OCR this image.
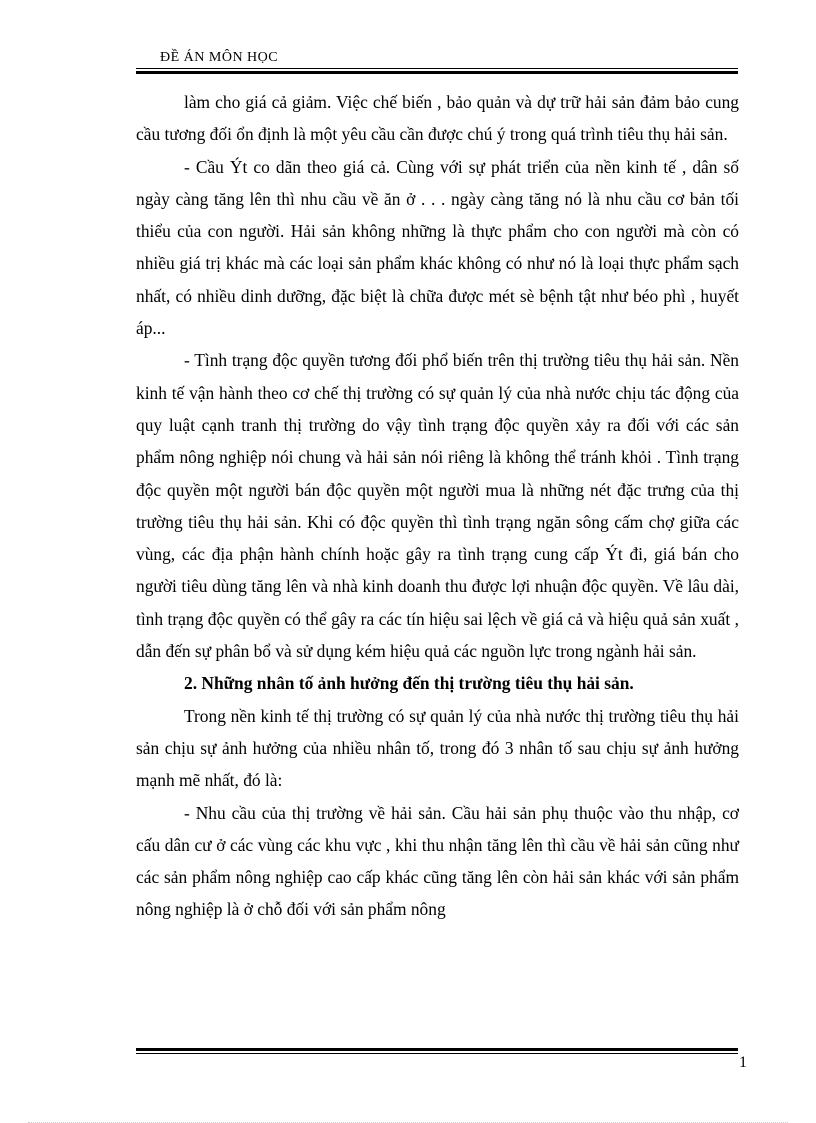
ĐỀ ÁN MÔN HỌC

làm cho giá cả giảm. Việc chế biến , bảo quản và dự trữ hải sản đảm bảo cung cầu tương đối ổn định là một yêu cầu cần được chú ý trong quá trình tiêu thụ hải sản.

- Cầu Ýt co dãn theo giá cả. Cùng với sự phát triển của nền kinh tế , dân số ngày càng tăng lên thì nhu cầu về ăn ở . . . ngày càng tăng nó là nhu cầu cơ bản tối thiểu của con người. Hải sản không những là thực phẩm cho con người mà còn có nhiều giá trị khác mà các loại sản phẩm khác không có như nó là loại thực phẩm sạch nhất, có nhiều dinh dưỡng, đặc biệt là chữa được mét sè bệnh tật như béo phì , huyết áp...

- Tình trạng độc quyền tương đối phổ biến trên thị trường tiêu thụ hải sản. Nền kinh tế vận hành theo cơ chế thị trường có sự quản lý của nhà nước chịu tác động của quy luật cạnh tranh thị trường do vậy tình trạng độc quyền xảy ra đối với các sản phẩm nông nghiệp nói chung và hải sản nói riêng là không thể tránh khỏi . Tình trạng độc quyền một người bán độc quyền một người mua là những nét đặc trưng của thị trường tiêu thụ hải sản. Khi có độc quyền thì tình trạng ngăn sông cấm chợ giữa các vùng, các địa phận hành chính hoặc gây ra tình trạng cung cấp Ýt đi, giá bán cho người tiêu dùng tăng lên và nhà kinh doanh thu được lợi nhuận độc quyền. Về lâu dài, tình trạng độc quyền có thể gây ra các tín hiệu sai lệch về giá cả và hiệu quả sản xuất , dẫn đến sự phân bổ và sử dụng kém hiệu quả các nguồn lực trong ngành hải sản.

2. Những nhân tố ảnh hưởng đến thị trường tiêu thụ hải sản.

Trong nền kinh tế thị trường có sự quản lý của nhà nước thị trường tiêu thụ hải sản chịu sự ảnh hưởng của nhiều nhân tố, trong đó 3 nhân tố sau chịu sự ảnh hưởng mạnh mẽ nhất, đó là:

- Nhu cầu của thị trường về hải sản. Cầu hải sản phụ thuộc vào thu nhập, cơ cấu dân cư ở các vùng các khu vực , khi thu nhận tăng lên thì cầu về hải sản cũng như các sản phẩm nông nghiệp cao cấp khác cũng tăng lên còn hải sản khác với sản phẩm nông nghiệp là ở chỗ đối với sản phẩm nông

1
